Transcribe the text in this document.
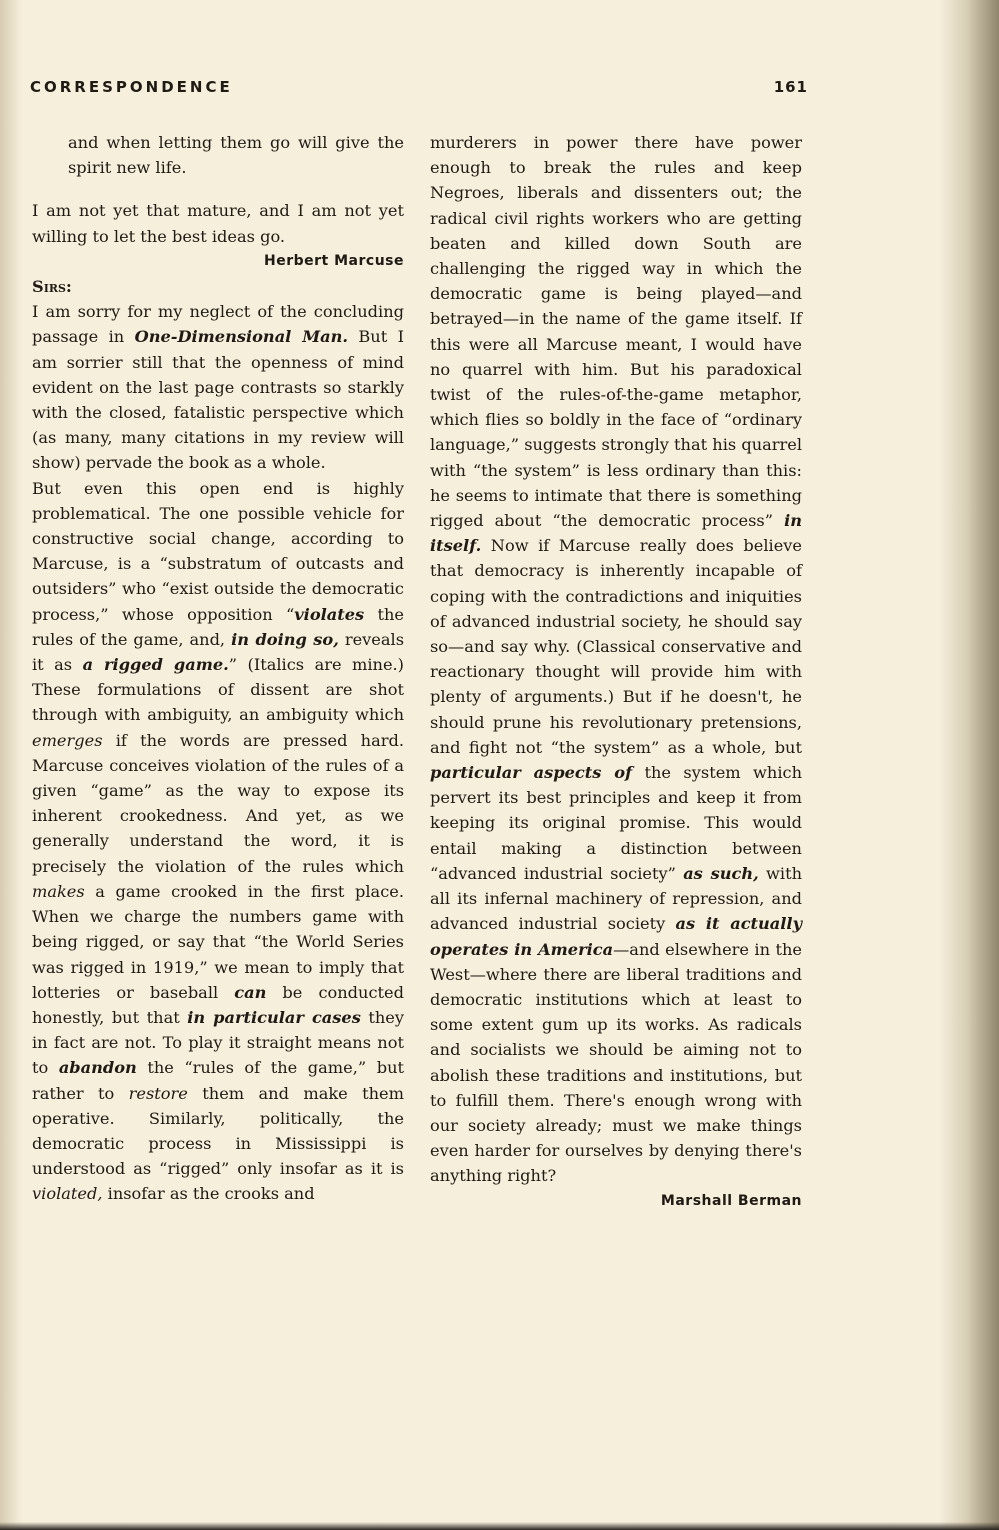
CORRESPONDENCE	161

and when letting them go will give the spirit new life.

I am not yet that mature, and I am not yet willing to let the best ideas go.

Herbert Marcuse

Sirs:

I am sorry for my neglect of the concluding passage in One-Dimensional Man. But I am sorrier still that the openness of mind evident on the last page contrasts so starkly with the closed, fatalistic perspective which (as many, many citations in my review will show) pervade the book as a whole.

But even this open end is highly problematical. The one possible vehicle for constructive social change, according to Marcuse, is a “substratum of outcasts and outsiders” who “exist outside the democratic process,” whose opposition “violates the rules of the game, and, in doing so, reveals it as a rigged game.” (Italics are mine.) These formulations of dissent are shot through with ambiguity, an ambiguity which emerges if the words are pressed hard. Marcuse conceives violation of the rules of a given “game” as the way to expose its inherent crookedness. And yet, as we generally understand the word, it is precisely the violation of the rules which makes a game crooked in the first place. When we charge the numbers game with being rigged, or say that “the World Series was rigged in 1919,” we mean to imply that lotteries or baseball can be conducted honestly, but that in particular cases they in fact are not. To play it straight means not to abandon the “rules of the game,” but rather to restore them and make them operative. Similarly, politically, the democratic process in Mississippi is understood as “rigged” only insofar as it is violated, insofar as the crooks and

murderers in power there have power enough to break the rules and keep Negroes, liberals and dissenters out; the radical civil rights workers who are getting beaten and killed down South are challenging the rigged way in which the democratic game is being played—and betrayed—in the name of the game itself. If this were all Marcuse meant, I would have no quarrel with him. But his paradoxical twist of the rules-of-the-game metaphor, which flies so boldly in the face of “ordinary language,” suggests strongly that his quarrel with “the system” is less ordinary than this: he seems to intimate that there is something rigged about “the democratic process” in itself. Now if Marcuse really does believe that democracy is inherently incapable of coping with the contradictions and iniquities of advanced industrial society, he should say so—and say why. (Classical conservative and reactionary thought will provide him with plenty of arguments.) But if he doesn't, he should prune his revolutionary pretensions, and fight not “the system” as a whole, but particular aspects of the system which pervert its best principles and keep it from keeping its original promise. This would entail making a distinction between “advanced industrial society” as such, with all its infernal machinery of repression, and advanced industrial society as it actually operates in America—and elsewhere in the West—where there are liberal traditions and democratic institutions which at least to some extent gum up its works. As radicals and socialists we should be aiming not to abolish these traditions and institutions, but to fulfill them. There's enough wrong with our society already; must we make things even harder for ourselves by denying there's anything right?

Marshall Berman
